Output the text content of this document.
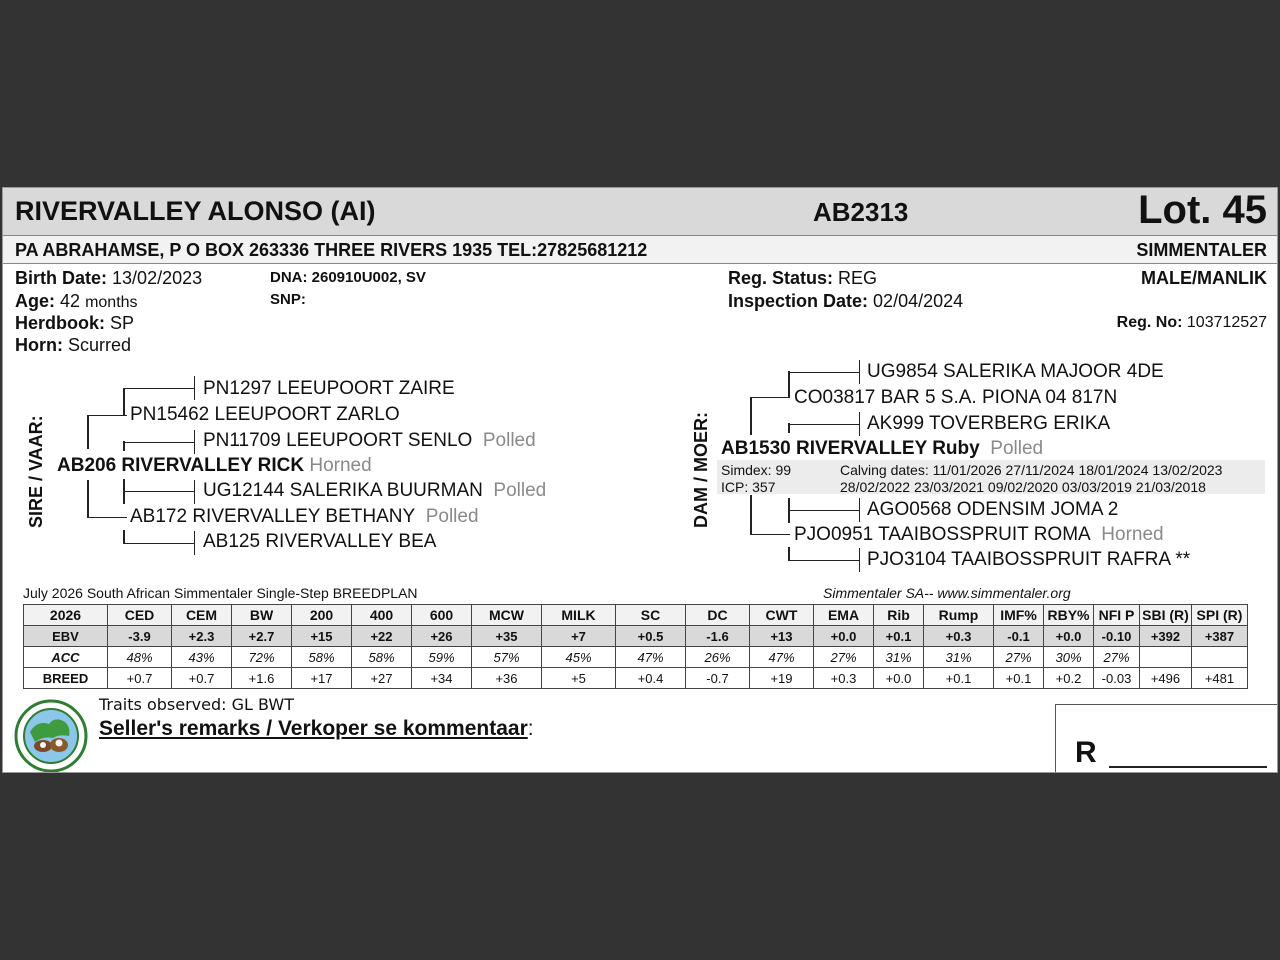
RIVERVALLEY ALONSO (AI)	AB2313	Lot. 45
PA ABRAHAMSE, P O BOX 263336 THREE RIVERS 1935 TEL:27825681212	SIMMENTALER
Birth Date: 13/02/2023
Age: 42 months
Herdbook: SP
Horn: Scurred
DNA: 260910U002, SV
SNP:
Reg. Status: REG
Inspection Date: 02/04/2024
MALE/MANLIK
Reg. No: 103712527
SIRE / VAAR:
PN1297 LEEUPOORT ZAIRE
PN15462 LEEUPOORT ZARLO
PN11709 LEEUPOORT SENLO Polled
AB206 RIVERVALLEY RICK Horned
UG12144 SALERIKA BUURMAN Polled
AB172 RIVERVALLEY BETHANY Polled
AB125 RIVERVALLEY BEA
DAM / MOER:
UG9854 SALERIKA MAJOOR 4DE
CO03817 BAR 5 S.A. PIONA 04 817N
AK999 TOVERBERG ERIKA
AB1530 RIVERVALLEY Ruby Polled
Simdex: 99
ICP: 357
Calving dates: 11/01/2026 27/11/2024 18/01/2024 13/02/2023
28/02/2022 23/03/2021 09/02/2020 03/03/2019 21/03/2018
AGO0568 ODENSIM JOMA 2
PJO0951 TAAIBOSSPRUIT ROMA Horned
PJO3104 TAAIBOSSPRUIT RAFRA **
July 2026 South African Simmentaler Single-Step BREEDPLAN	Simmentaler SA-- www.simmentaler.org
2026	CED	CEM	BW	200	400	600	MCW	MILK	SC	DC	CWT	EMA	Rib	Rump	IMF%	RBY%	NFI P	SBI (R)	SPI (R)
EBV	-3.9	+2.3	+2.7	+15	+22	+26	+35	+7	+0.5	-1.6	+13	+0.0	+0.1	+0.3	-0.1	+0.0	-0.10	+392	+387
ACC	48%	43%	72%	58%	58%	59%	57%	45%	47%	26%	47%	27%	31%	31%	27%	30%	27%		
BREED	+0.7	+0.7	+1.6	+17	+27	+34	+36	+5	+0.4	-0.7	+19	+0.3	+0.0	+0.1	+0.1	+0.2	-0.03	+496	+481
Traits observed: GL BWT
Seller's remarks / Verkoper se kommentaar:
R
